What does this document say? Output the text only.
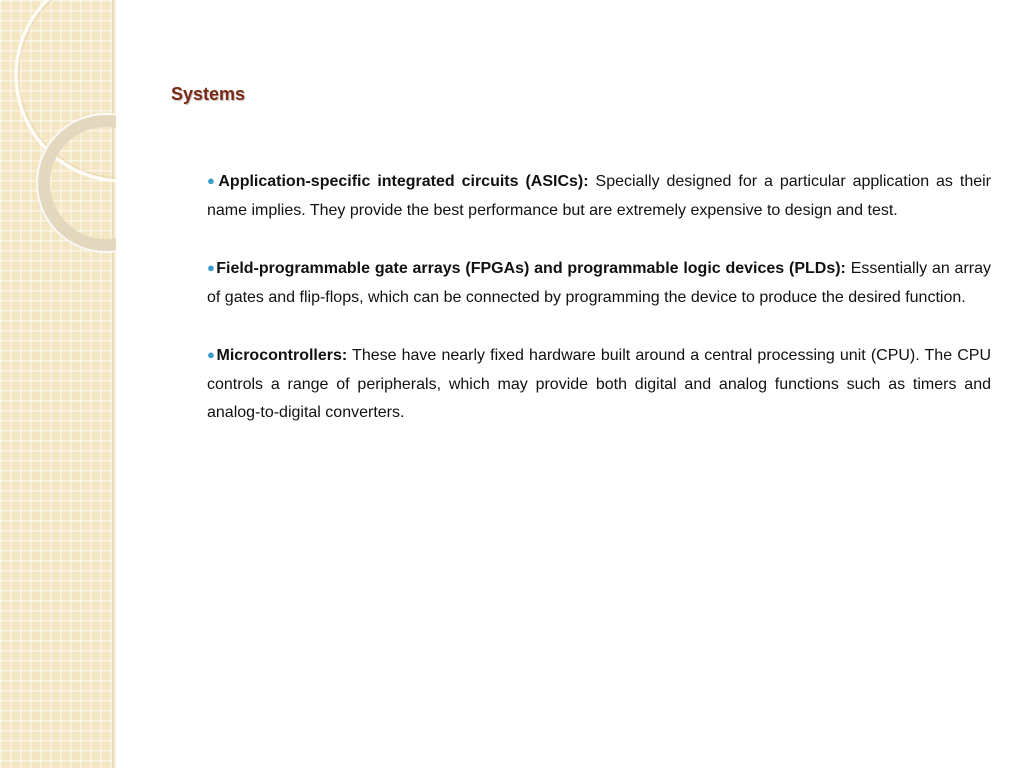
Systems

●Application-specific integrated circuits (ASICs): Specially designed for a particular application as their name implies. They provide the best performance but are extremely expensive to design and test.

●Field-programmable gate arrays (FPGAs) and programmable logic devices (PLDs): Essentially an array of gates and flip-flops, which can be connected by programming the device to produce the desired function.

●Microcontrollers: These have nearly fixed hardware built around a central processing unit (CPU). The CPU controls a range of peripherals, which may provide both digital and analog functions such as timers and analog-to-digital converters.
